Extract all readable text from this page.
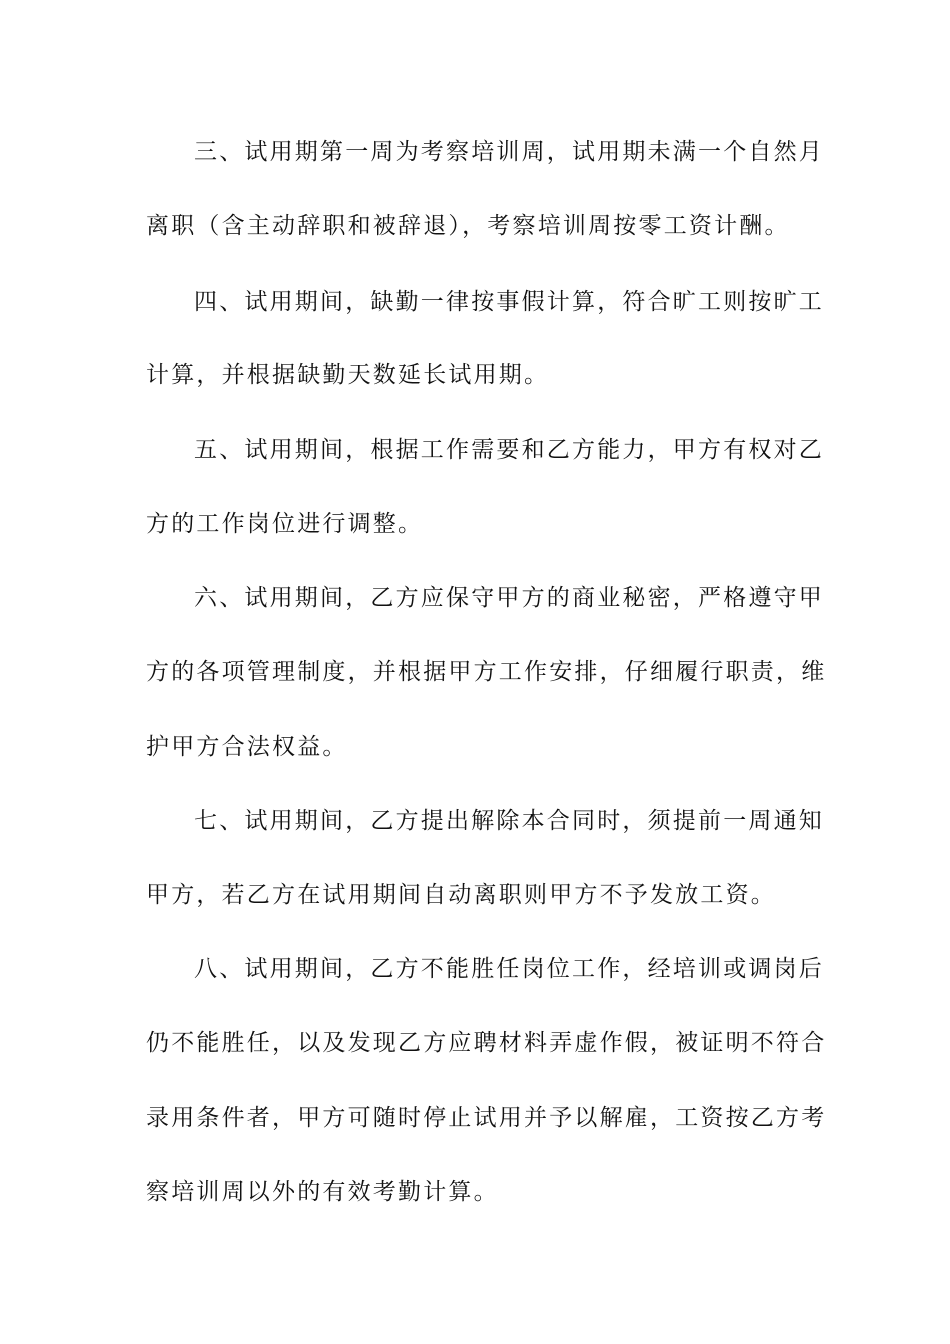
三、试用期第一周为考察培训周，试用期未满一个自然月
离职（含主动辞职和被辞退），考察培训周按零工资计酬。
四、试用期间，缺勤一律按事假计算，符合旷工则按旷工
计算，并根据缺勤天数延长试用期。
五、试用期间，根据工作需要和乙方能力，甲方有权对乙
方的工作岗位进行调整。
六、试用期间，乙方应保守甲方的商业秘密，严格遵守甲
方的各项管理制度，并根据甲方工作安排，仔细履行职责，维
护甲方合法权益。
七、试用期间，乙方提出解除本合同时，须提前一周通知
甲方，若乙方在试用期间自动离职则甲方不予发放工资。
八、试用期间，乙方不能胜任岗位工作，经培训或调岗后
仍不能胜任，以及发现乙方应聘材料弄虚作假，被证明不符合
录用条件者，甲方可随时停止试用并予以解雇，工资按乙方考
察培训周以外的有效考勤计算。
